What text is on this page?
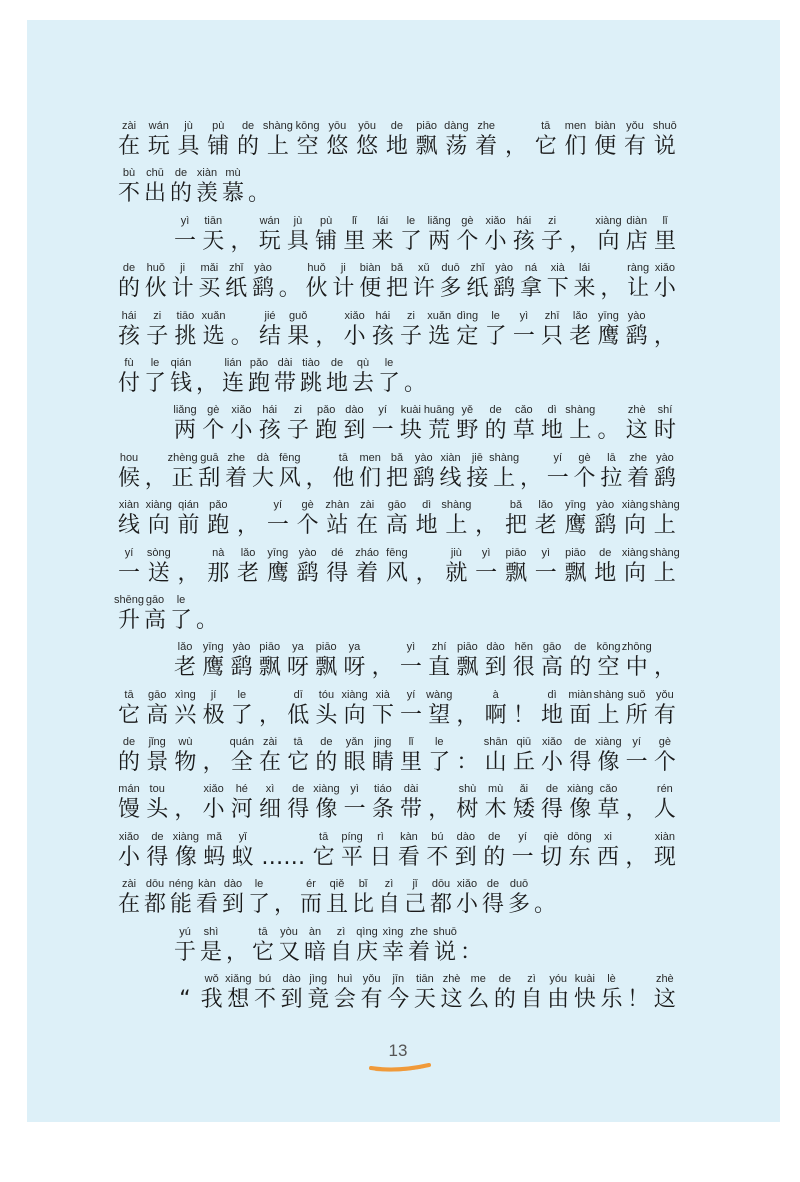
zài
在
wán
玩
jù
具
pù
铺
de
的
shàng
上
kōng
空
yōu
悠
yōu
悠
de
地
piāo
飘
dàng
荡
zhe
着 ，
tā
它
men
们
biàn
便
yǒu
有
shuō
说
bù
不
chū
出
de
的
xiàn
羡
mù
慕 。
yì
一
tiān
天 ，
wán
玩
jù
具
pù
铺
lǐ
里
lái
来
le
了
liǎng
两
gè
个
xiǎo
小
hái
孩
zi
子 ，
xiàng
向
diàn
店
lǐ
里
de
的
huǒ
伙
ji
计
mǎi
买
zhǐ
纸
yào
鹞 。
huǒ
伙
ji
计
biàn
便
bǎ
把
xǔ
许
duō
多
zhǐ
纸
yào
鹞
ná
拿
xià
下
lái
来 ，
ràng
让
xiǎo
小
hái
孩
zi
子
tiāo
挑
xuǎn
选 。
jié
结
guǒ
果 ，
xiǎo
小
hái
孩
zi
子
xuǎn
选
dìng
定
le
了
yì
一
zhī
只
lǎo
老
yīng
鹰
yào
鹞 ，
fù
付
le
了
qián
钱 ，
lián
连
pǎo
跑
dài
带
tiào
跳
de
地
qù
去
le
了 。
liǎng
两
gè
个
xiǎo
小
hái
孩
zi
子
pǎo
跑
dào
到
yí
一
kuài
块
huāng
荒
yě
野
de
的
cǎo
草
dì
地
shàng
上 。
zhè
这
shí
时
hou
候 ，
zhèng
正
guā
刮
zhe
着
dà
大
fēng
风 ，
tā
他
men
们
bǎ
把
yào
鹞
xiàn
线
jiē
接
shàng
上 ，
yí
一
gè
个
lā
拉
zhe
着
yào
鹞
xiàn
线
xiàng
向
qián
前
pǎo
跑 ，
yí
一
gè
个
zhàn
站
zài
在
gāo
高
dì
地
shàng
上 ，
bǎ
把
lǎo
老
yīng
鹰
yào
鹞
xiàng
向
shàng
上
yí
一
sòng
送 ，
nà
那
lǎo
老
yīng
鹰
yào
鹞
dé
得
zháo
着
fēng
风 ，
jiù
就
yì
一
piāo
飘
yì
一
piāo
飘
de
地
xiàng
向
shàng
上
shēng
升
gāo
高
le
了 。
lǎo
老
yīng
鹰
yào
鹞
piāo
飘
ya
呀
piāo
飘
ya
呀 ，
yì
一
zhí
直
piāo
飘
dào
到
hěn
很
gāo
高
de
的
kōng
空
zhōng
中 ，
tā
它
gāo
高
xìng
兴
jí
极
le
了 ，
dī
低
tóu
头
xiàng
向
xià
下
yí
一
wàng
望 ，
à
啊 ！
dì
地
miàn
面
shàng
上
suǒ
所
yǒu
有
de
的
jǐng
景
wù
物 ，
quán
全
zài
在
tā
它
de
的
yǎn
眼
jing
睛
lǐ
里
le
了 ：
shān
山
qiū
丘
xiǎo
小
de
得
xiàng
像
yí
一
gè
个
mán
馒
tou
头 ，
xiǎo
小
hé
河
xì
细
de
得
xiàng
像
yì
一
tiáo
条
dài
带 ，
shù
树
mù
木
ǎi
矮
de
得
xiàng
像
cǎo
草 ，
rén
人
xiǎo
小
de
得
xiàng
像
mǎ
蚂
yǐ
蚁 ……
tā
它
píng
平
rì
日
kàn
看
bú
不
dào
到
de
的
yí
一
qiè
切
dōng
东
xi
西 ，
xiàn
现
zài
在
dōu
都
néng
能
kàn
看
dào
到
le
了 ，
ér
而
qiě
且
bǐ
比
zì
自
jǐ
己
dōu
都
xiǎo
小
de
得
duō
多 。
yú
于
shì
是 ，
tā
它
yòu
又
àn
暗
zì
自
qìng
庆
xìng
幸
zhe
着
shuō
说 ：
“
wǒ
我
xiǎng
想
bú
不
dào
到
jìng
竟
huì
会
yǒu
有
jīn
今
tiān
天
zhè
这
me
么
de
的
zì
自
yóu
由
kuài
快
lè
乐 ！
zhè
这
13
